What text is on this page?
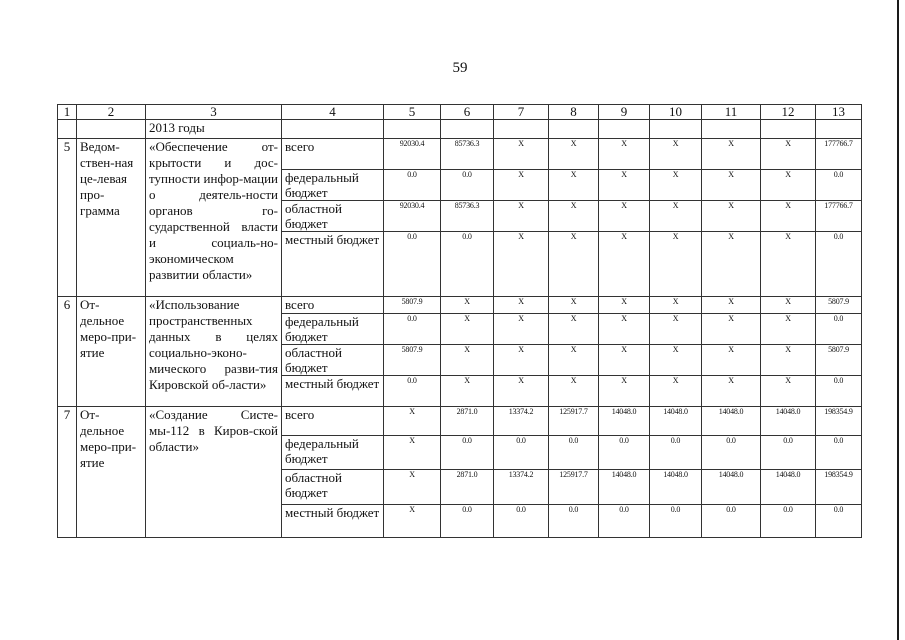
59
1	2	3	4	5	6	7	8	9	10	11	12	13
		2013 годы										
5	Ведом-ствен-ная це-левая про-грамма	«Обеспечение от-крытости и дос-тупности инфор-мации о деятель-ности органов го-сударственной власти и социаль-но-экономическом развитии области»	всего	92030.4	85736.3	X	X	X	X	X	X	177766.7
			федеральный бюджет	0.0	0.0	X	X	X	X	X	X	0.0
			областной бюджет	92030.4	85736.3	X	X	X	X	X	X	177766.7
			местный бюджет	0.0	0.0	X	X	X	X	X	X	0.0
6	От-дельное меро-при-ятие	«Использование пространственных данных в целях социально-эконо-мического разви-тия Кировской об-ласти»	всего	5807.9	X	X	X	X	X	X	X	5807.9
			федеральный бюджет	0.0	X	X	X	X	X	X	X	0.0
			областной бюджет	5807.9	X	X	X	X	X	X	X	5807.9
			местный бюджет	0.0	X	X	X	X	X	X	X	0.0
7	От-дельное меро-при-ятие	«Создание Систе-мы-112 в Киров-ской области»	всего	X	2871.0	13374.2	125917.7	14048.0	14048.0	14048.0	14048.0	198354.9
			федеральный бюджет	X	0.0	0.0	0.0	0.0	0.0	0.0	0.0	0.0
			областной бюджет	X	2871.0	13374.2	125917.7	14048.0	14048.0	14048.0	14048.0	198354.9
			местный бюджет	X	0.0	0.0	0.0	0.0	0.0	0.0	0.0	0.0
